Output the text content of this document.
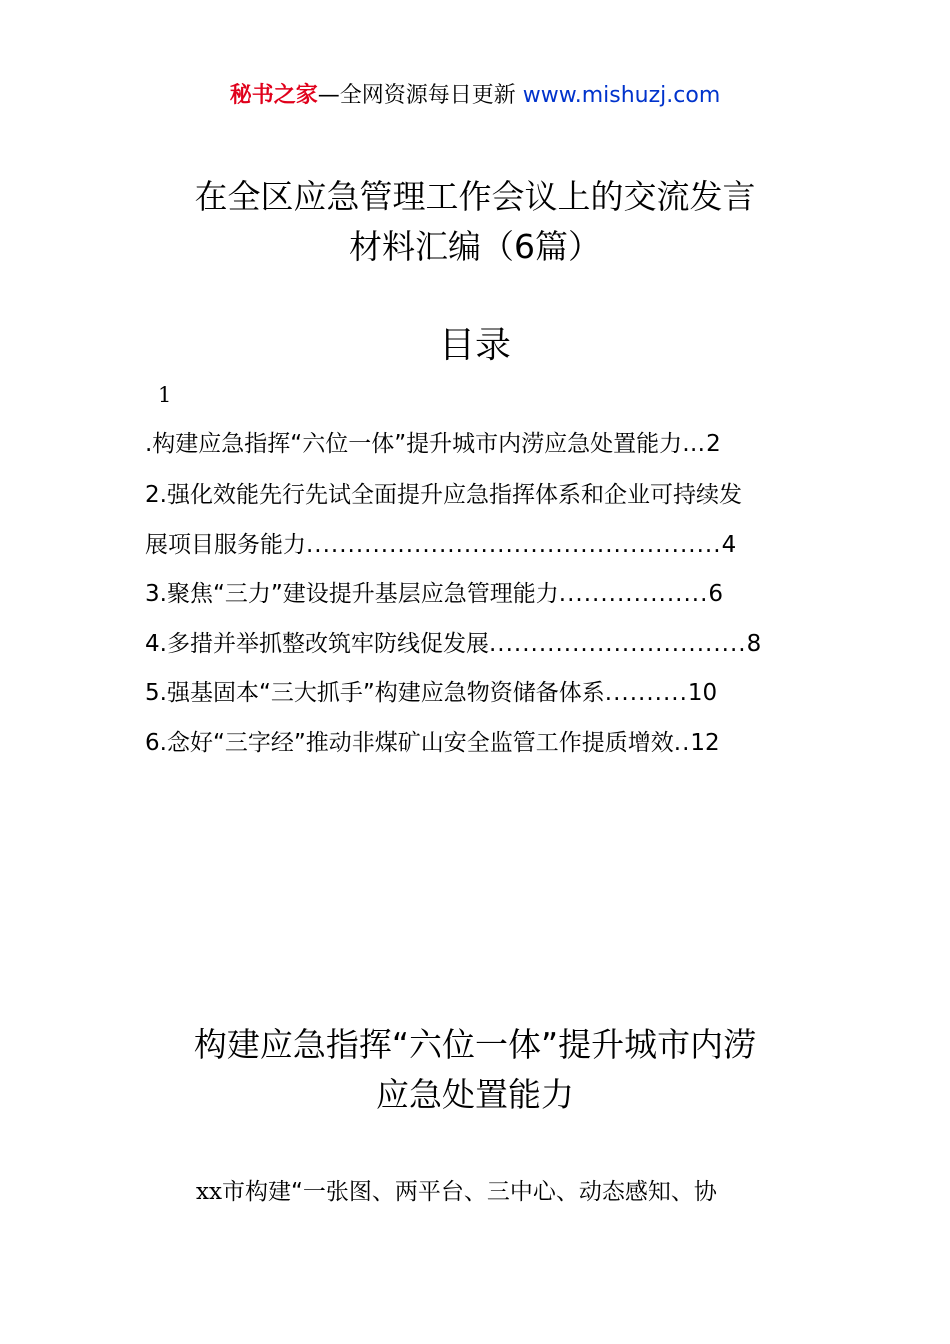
秘书之家—全网资源每日更新 www.mishuzj.com
在全区应急管理工作会议上的交流发言
材料汇编（6篇）
目录
1
.构建应急指挥“六位一体”提升城市内涝应急处置能力…2
2.强化效能先行先试全面提升应急指挥体系和企业可持续发
展项目服务能力..................................................4
3.聚焦“三力”建设提升基层应急管理能力..................6
4.多措并举抓整改筑牢防线促发展...............................8
5.强基固本“三大抓手”构建应急物资储备体系..........10
6.念好“三字经”推动非煤矿山安全监管工作提质增效..12
构建应急指挥“六位一体”提升城市内涝
应急处置能力
xx市构建“一张图、两平台、三中心、动态感知、协
